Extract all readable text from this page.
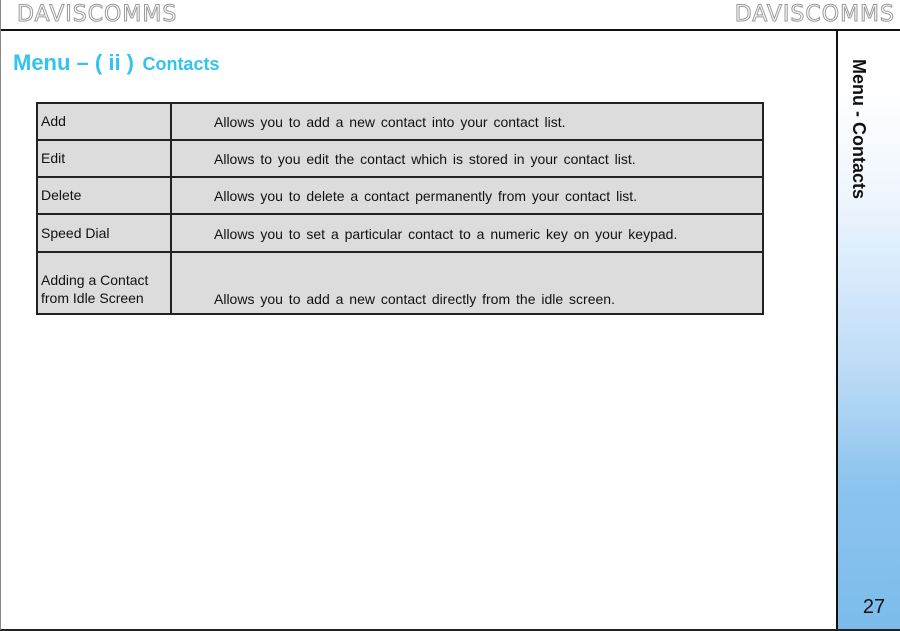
DAVISCOMMS	DAVISCOMMS
Menu – ( ii ) Contacts
Add	Allows you to add a new contact into your contact list.
Edit	Allows to you edit the contact which is stored in your contact list.
Delete	Allows you to delete a contact permanently from your contact list.
Speed Dial	Allows you to set a particular contact to a numeric key on your keypad.

Adding a Contact
from Idle Screen	Allows you to add a new contact directly from the idle screen.
Menu - Contacts
27
